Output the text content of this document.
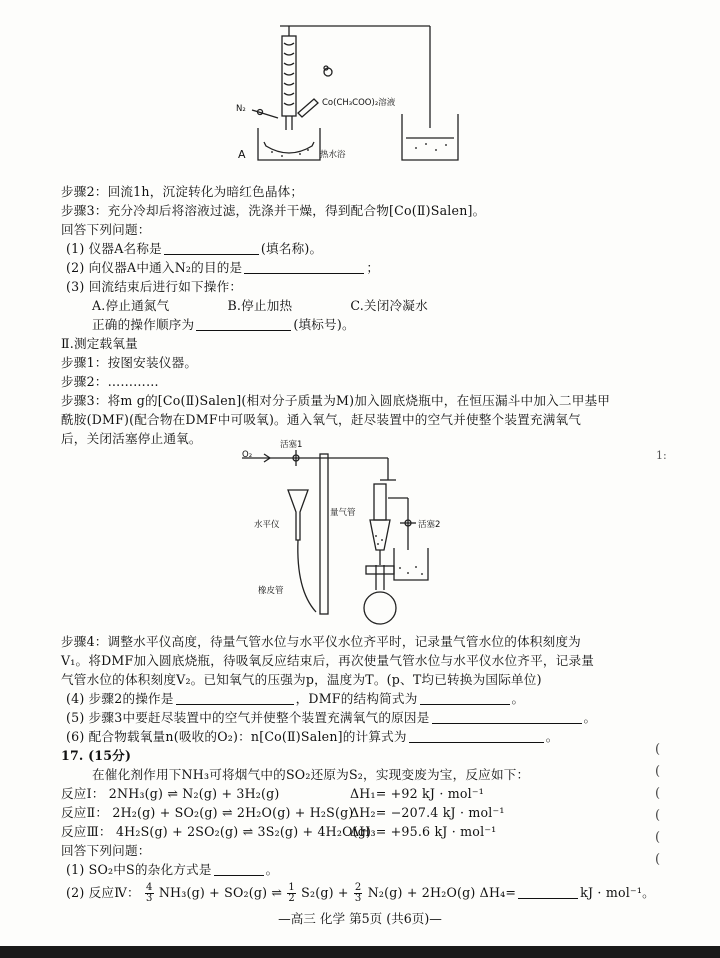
N₂
A
Co(CH₃COO)₂溶液
热水浴
步骤2：回流1h，沉淀转化为暗红色晶体；
步骤3：充分冷却后将溶液过滤，洗涤并干燥，得到配合物[Co(Ⅱ)Salen]。
回答下列问题：
(1) 仪器A名称是	(填名称)。
(2) 向仪器A中通入N₂的目的是	；
(3) 回流结束后进行如下操作：
A.停止通氮气	B.停止加热	C.关闭冷凝水
正确的操作顺序为	(填标号)。
Ⅱ.测定载氧量
步骤1：按图安装仪器。
步骤2：…………
步骤3：将m g的[Co(Ⅱ)Salen](相对分子质量为M)加入圆底烧瓶中，在恒压漏斗中加入二甲基甲
酰胺(DMF)(配合物在DMF中可吸氧)。通入氧气，赶尽装置中的空气并使整个装置充满氧气
后，关闭活塞停止通氧。
O₂
活塞1
水平仪
量气管
活塞2
橡皮管
步骤4：调整水平仪高度，待量气管水位与水平仪水位齐平时，记录量气管水位的体积刻度为
V₁。将DMF加入圆底烧瓶，待吸氧反应结束后，再次使量气管水位与水平仪水位齐平，记录量
气管水位的体积刻度V₂。已知氧气的压强为p，温度为T。(p、T均已转换为国际单位)
(4) 步骤2的操作是	，DMF的结构简式为	。
(5) 步骤3中要赶尽装置中的空气并使整个装置充满氧气的原因是	。
(6) 配合物载氧量n(吸收的O₂)：n[Co(Ⅱ)Salen]的计算式为	。
17. (15分)
在催化剂作用下NH₃可将烟气中的SO₂还原为S₂，实现变废为宝，反应如下：
反应Ⅰ： 2NH₃(g) ⇌ N₂(g) + 3H₂(g)	ΔH₁= +92 kJ · mol⁻¹
反应Ⅱ： 2H₂(g) + SO₂(g) ⇌ 2H₂O(g) + H₂S(g)
ΔH₂= −207.4 kJ · mol⁻¹
反应Ⅲ： 4H₂S(g) + 2SO₂(g) ⇌ 3S₂(g) + 4H₂O(g)
ΔH₃= +95.6 kJ · mol⁻¹
回答下列问题：
(1) SO₂中S的杂化方式是	。
(2) 反应Ⅳ： $\frac{4}{3} NH_3(g) + SO_2(g)$ ⇌ $\frac{1}{2} S_2(g) + \frac{2}{3} N_2(g) + 2H_2O(g)$ ΔH₄=	kJ · mol⁻¹。
—高三 化学 第5页 (共6页)—
1:
(
(
(
(
(
(
